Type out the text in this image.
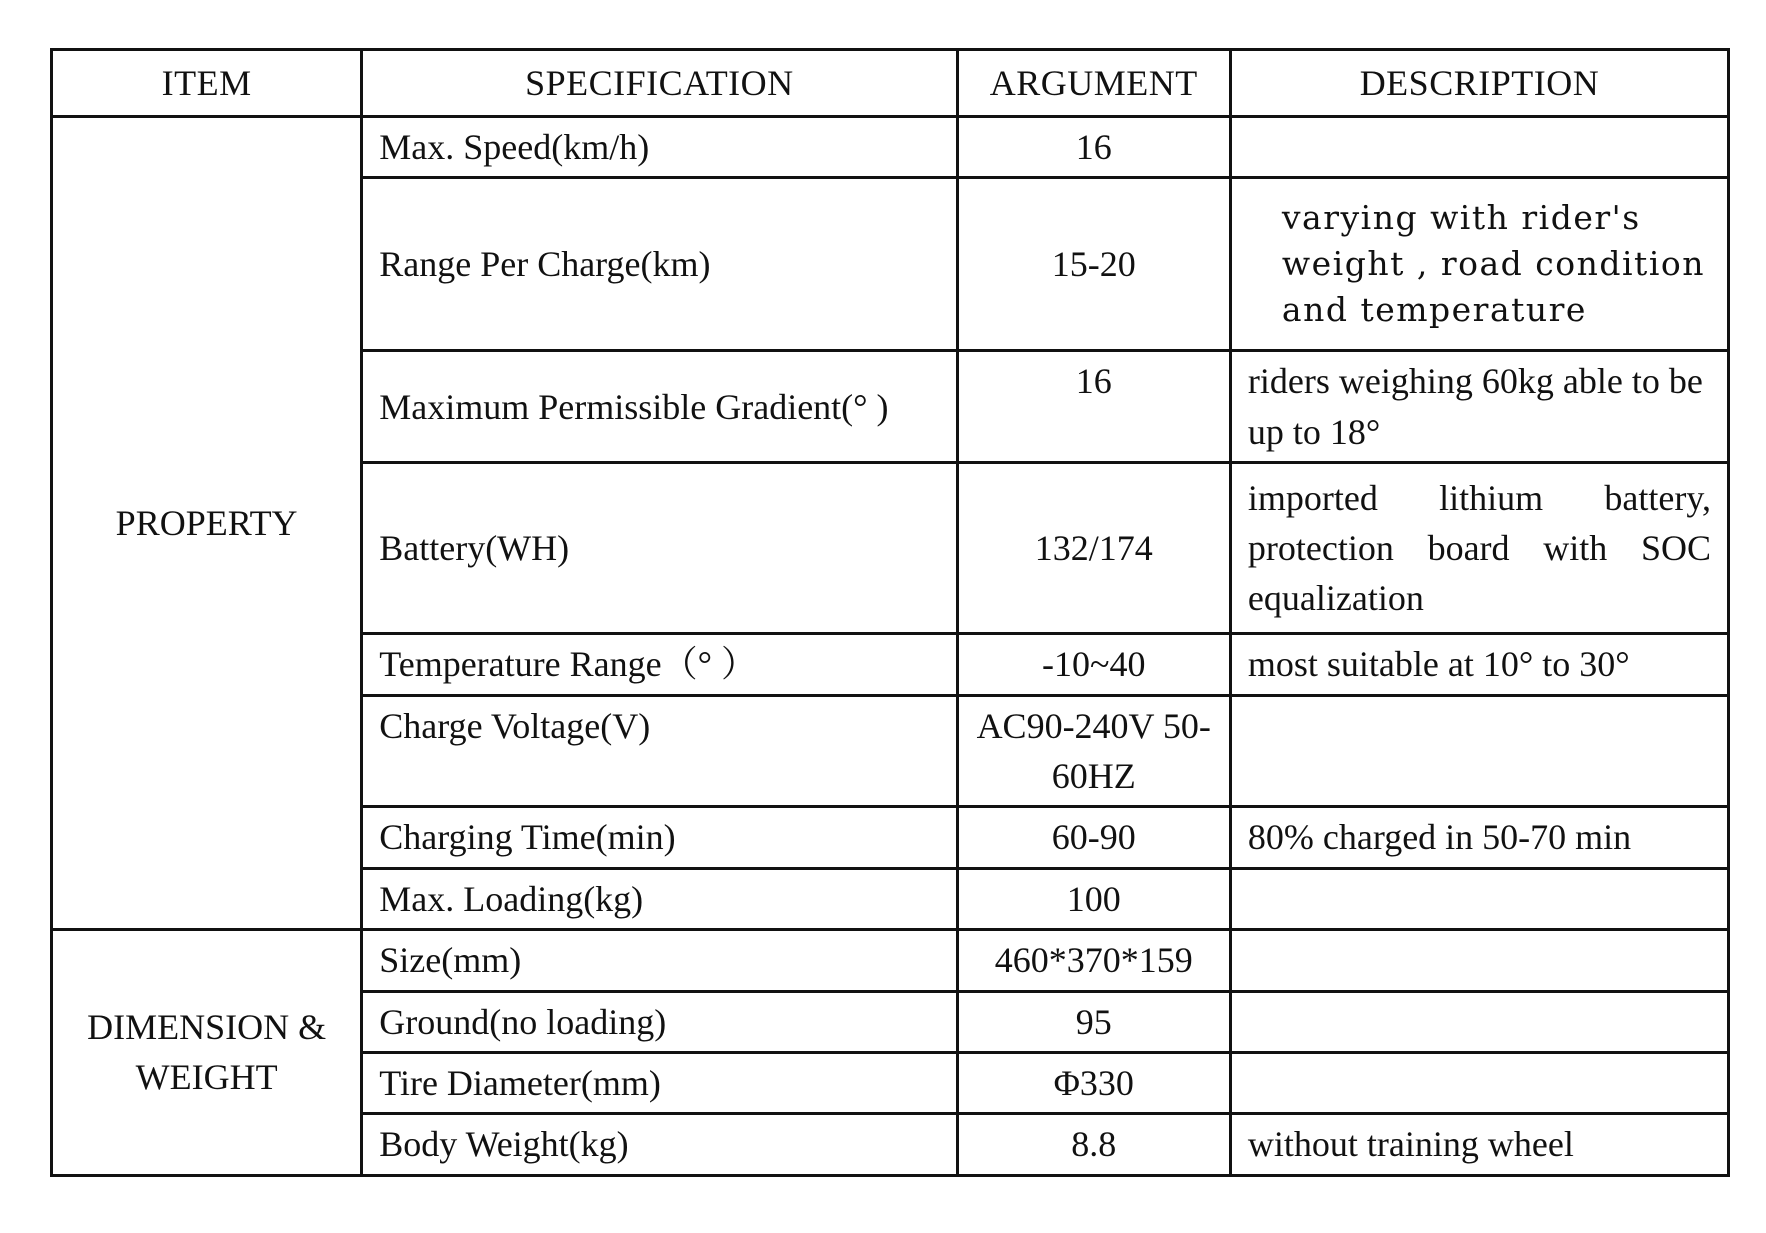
ITEM	SPECIFICATION	ARGUMENT	DESCRIPTION
PROPERTY	Max. Speed(km/h)	16	
	Range Per Charge(km)	15-20	varying with rider's weight , road condition and temperature
	Maximum Permissible Gradient(° )	16	riders weighing 60kg able to be up to 18°
	Battery(WH)	132/174	imported lithium battery, protection board with SOC equalization
	Temperature Range（° ）	-10~40	most suitable at 10° to 30°
	Charge Voltage(V)	AC90-240V 50-60HZ	
	Charging Time(min)	60-90	80% charged in 50-70 min
	Max. Loading(kg)	100	
DIMENSION & WEIGHT	Size(mm)	460*370*159	
	Ground(no loading)	95	
	Tire Diameter(mm)	Φ330	
	Body Weight(kg)	8.8	without training wheel
